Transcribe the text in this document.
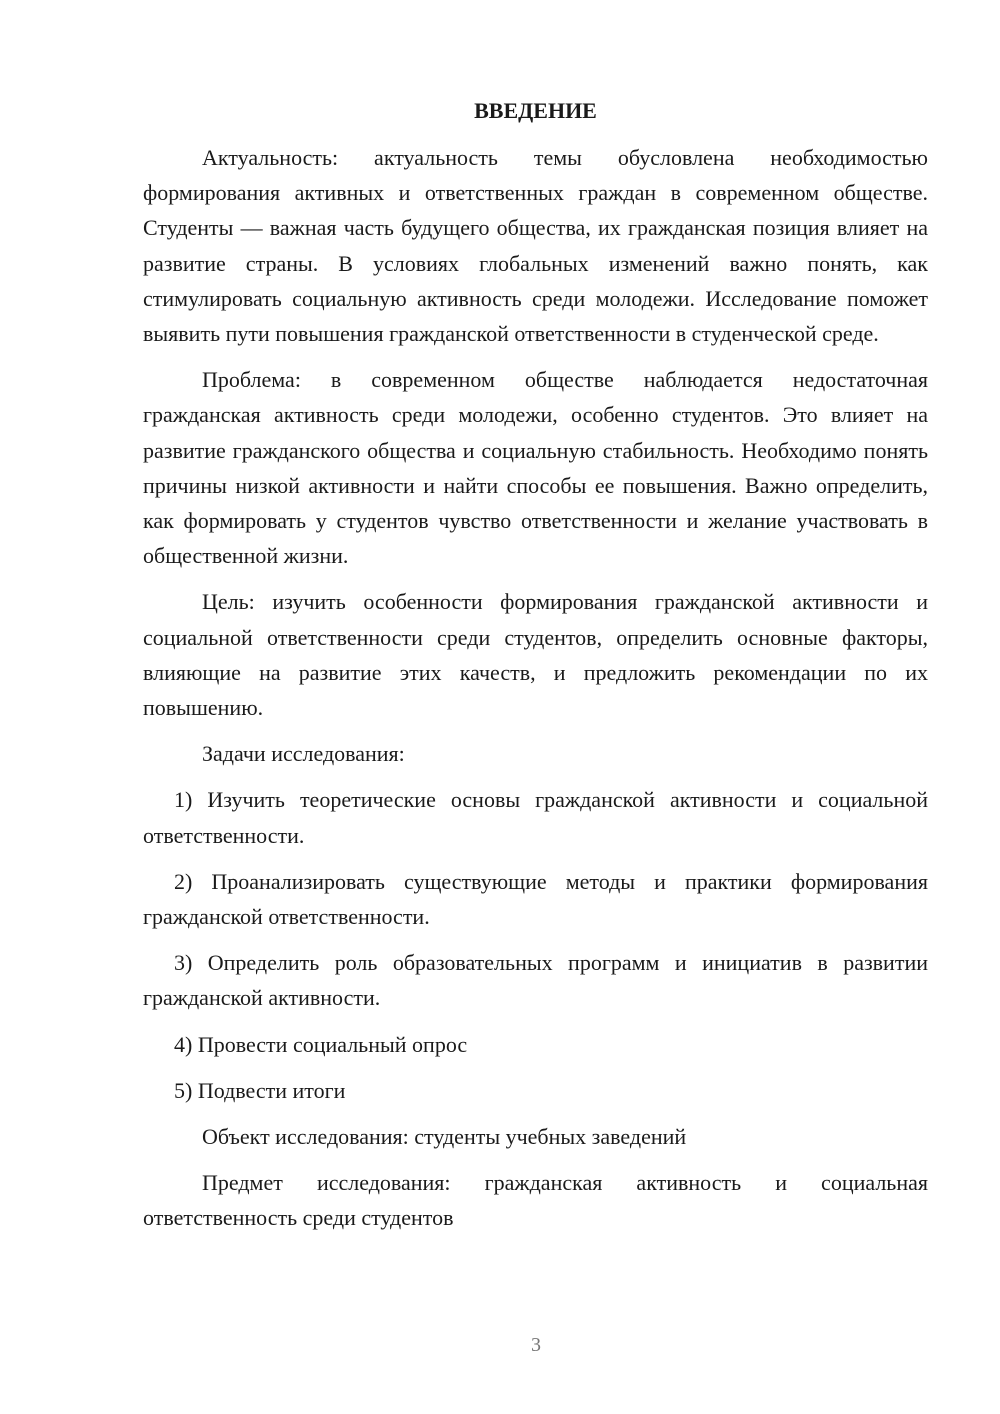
ВВЕДЕНИЕ

Актуальность: актуальность темы обусловлена необходимостью формирования активных и ответственных граждан в современном обществе. Студенты — важная часть будущего общества, их гражданская позиция влияет на развитие страны. В условиях глобальных изменений важно понять, как стимулировать социальную активность среди молодежи. Исследование поможет выявить пути повышения гражданской ответственности в студенческой среде.

Проблема: в современном обществе наблюдается недостаточная гражданская активность среди молодежи, особенно студентов. Это влияет на развитие гражданского общества и социальную стабильность. Необходимо понять причины низкой активности и найти способы ее повышения. Важно определить, как формировать у студентов чувство ответственности и желание участвовать в общественной жизни.

Цель: изучить особенности формирования гражданской активности и социальной ответственности среди студентов, определить основные факторы, влияющие на развитие этих качеств, и предложить рекомендации по их повышению.

Задачи исследования:

1) Изучить теоретические основы гражданской активности и социальной ответственности.

2) Проанализировать существующие методы и практики формирования гражданской ответственности.

3) Определить роль образовательных программ и инициатив в развитии гражданской активности.

4) Провести социальный опрос

5) Подвести итоги

Объект исследования: студенты учебных заведений

Предмет исследования: гражданская активность и социальная ответственность среди студентов

3
